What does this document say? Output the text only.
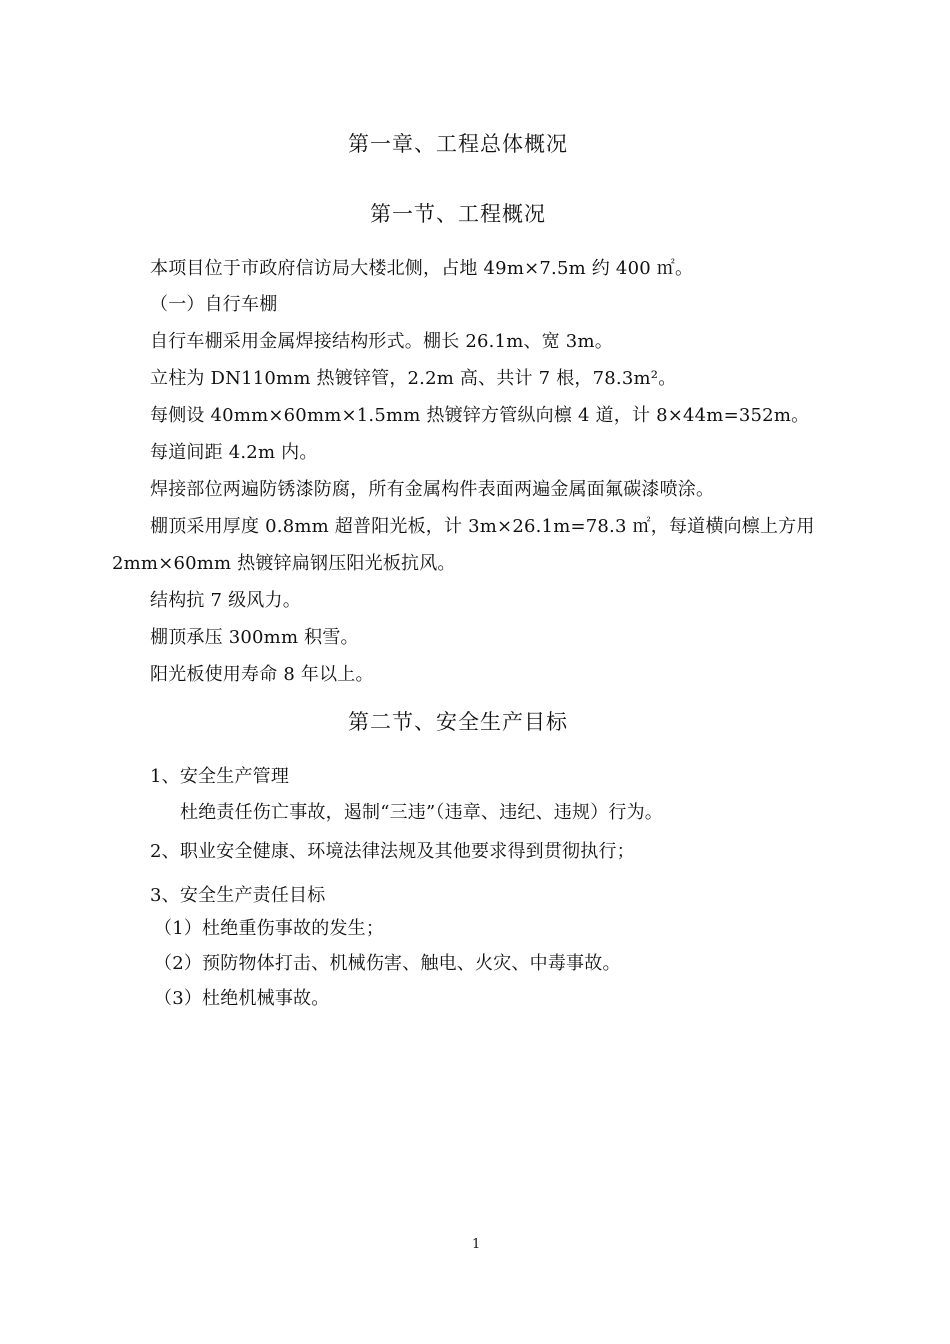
第一章、工程总体概况
第一节、工程概况
本项目位于市政府信访局大楼北侧，占地 49m×7.5m 约 400 ㎡。
（一）自行车棚
自行车棚采用金属焊接结构形式。棚长 26.1m、宽 3m。
立柱为 DN110mm 热镀锌管，2.2m 高、共计 7 根，78.3m²。
每侧设 40mm×60mm×1.5mm 热镀锌方管纵向檩 4 道，计 8×44m=352m。
每道间距 4.2m 内。
焊接部位两遍防锈漆防腐，所有金属构件表面两遍金属面氟碳漆喷涂。
棚顶采用厚度 0.8mm 超普阳光板，计 3m×26.1m=78.3 ㎡，每道横向檩上方用
2mm×60mm 热镀锌扁钢压阳光板抗风。
结构抗 7 级风力。
棚顶承压 300mm 积雪。
阳光板使用寿命 8 年以上。
第二节、安全生产目标
1、安全生产管理
杜绝责任伤亡事故，遏制“三违”（违章、违纪、违规）行为。
2、职业安全健康、环境法律法规及其他要求得到贯彻执行；
3、安全生产责任目标
（1）杜绝重伤事故的发生；
（2）预防物体打击、机械伤害、触电、火灾、中毒事故。
（3）杜绝机械事故。
1
